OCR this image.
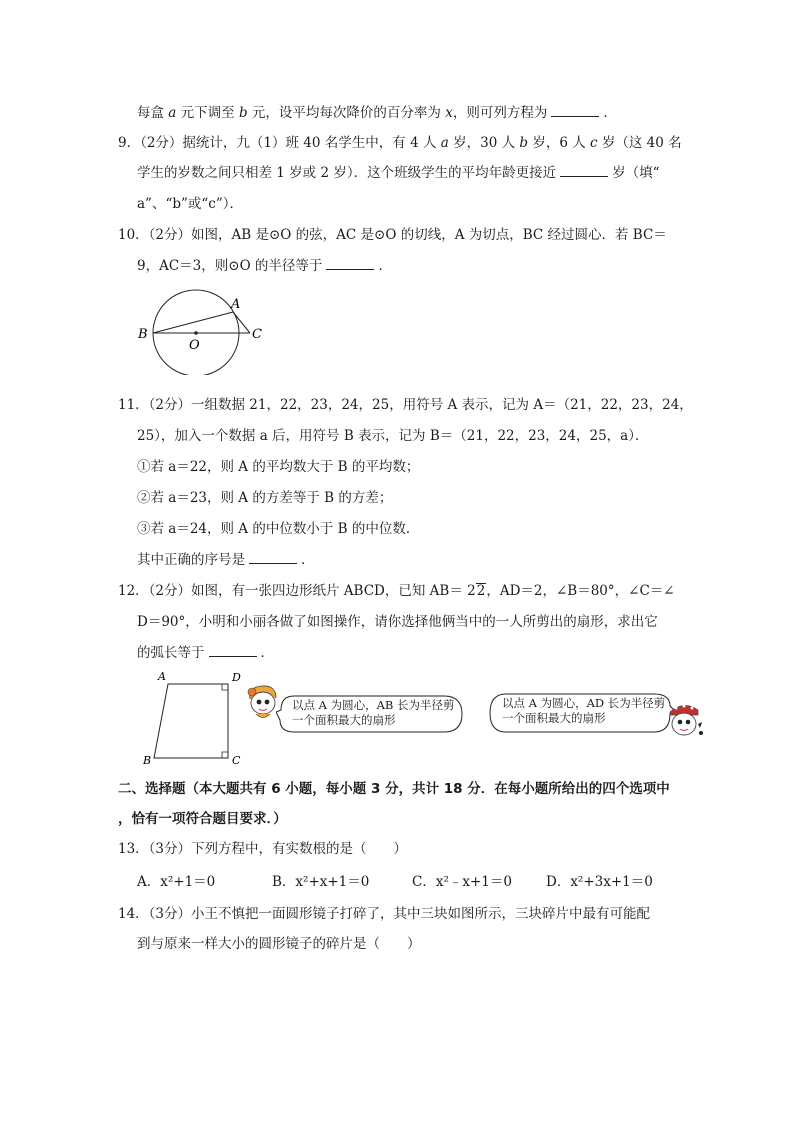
每盒 a 元下调至 b 元，设平均每次降价的百分率为 x，则可列方程为	．
9．（2分）据统计，九（1）班 40 名学生中，有 4 人 a 岁，30 人 b 岁，6 人 c 岁（这 40 名
学生的岁数之间只相差 1 岁或 2 岁）．这个班级学生的平均年龄更接近	岁（填“
a”、“b”或“c”）．
10．（2分）如图，AB 是⊙O 的弦，AC 是⊙O 的切线，A 为切点，BC 经过圆心．若 BC＝
9，AC＝3，则⊙O 的半径等于	．
B
A
O
C
11．（2分）一组数据 21，22，23，24，25，用符号 A 表示，记为 A＝（21，22，23，24，
25），加入一个数据 a 后，用符号 B 表示，记为 B＝（21，22，23，24，25，a）．
①若 a＝22，则 A 的平均数大于 B 的平均数；
②若 a＝23，则 A 的方差等于 B 的方差；
③若 a＝24，则 A 的中位数小于 B 的中位数．
其中正确的序号是	．
12．（2分）如图，有一张四边形纸片 ABCD，已知 AB＝ 22，AD＝2，∠B＝80°，∠C＝∠
D＝90°，小明和小丽各做了如图操作，请你选择他俩当中的一人所剪出的扇形，求出它
的弧长等于	．
A	D
B	C
以点 A 为圆心，AB 长为半径剪
一个面积最大的扇形
以点 A 为圆心，AD 长为半径剪
一个面积最大的扇形
二、选择题（本大题共有 6 小题，每小题 3 分，共计 18 分．在每小题所给出的四个选项中
，恰有一项符合题目要求．）
13．（3分）下列方程中，有实数根的是（　　）
A．x²+1＝0	B．x²+x+1＝0	C．x²﹣x+1＝0	D．x²+3x+1＝0
14．（3分）小王不慎把一面圆形镜子打碎了，其中三块如图所示，三块碎片中最有可能配
到与原来一样大小的圆形镜子的碎片是（　　）
